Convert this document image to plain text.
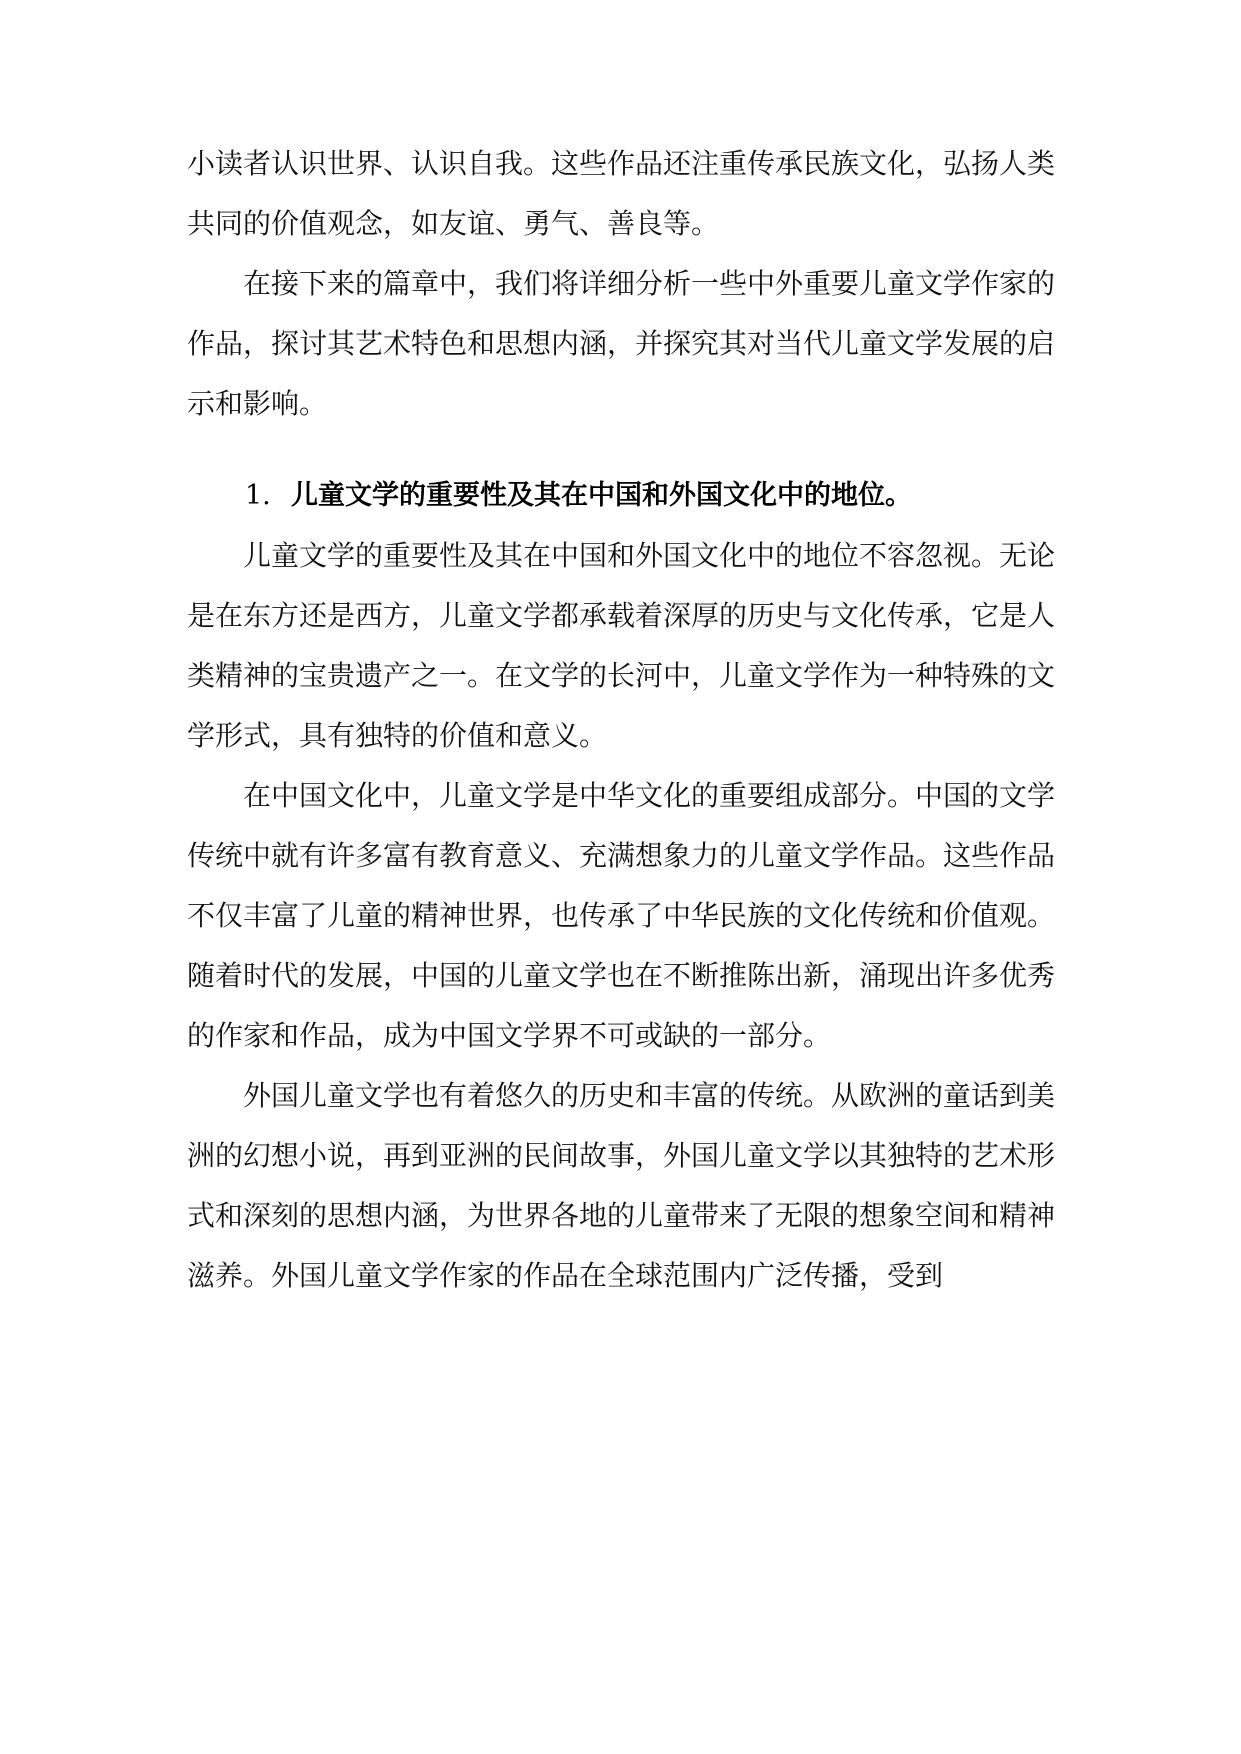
小读者认识世界、认识自我。这些作品还注重传承民族文化，弘扬人类共同的价值观念，如友谊、勇气、善良等。

在接下来的篇章中，我们将详细分析一些中外重要儿童文学作家的作品，探讨其艺术特色和思想内涵，并探究其对当代儿童文学发展的启示和影响。

1. 儿童文学的重要性及其在中国和外国文化中的地位。

儿童文学的重要性及其在中国和外国文化中的地位不容忽视。无论是在东方还是西方，儿童文学都承载着深厚的历史与文化传承，它是人类精神的宝贵遗产之一。在文学的长河中，儿童文学作为一种特殊的文学形式，具有独特的价值和意义。

在中国文化中，儿童文学是中华文化的重要组成部分。中国的文学传统中就有许多富有教育意义、充满想象力的儿童文学作品。这些作品不仅丰富了儿童的精神世界，也传承了中华民族的文化传统和价值观。随着时代的发展，中国的儿童文学也在不断推陈出新，涌现出许多优秀的作家和作品，成为中国文学界不可或缺的一部分。

外国儿童文学也有着悠久的历史和丰富的传统。从欧洲的童话到美洲的幻想小说，再到亚洲的民间故事，外国儿童文学以其独特的艺术形式和深刻的思想内涵，为世界各地的儿童带来了无限的想象空间和精神滋养。外国儿童文学作家的作品在全球范围内广泛传播，受到
